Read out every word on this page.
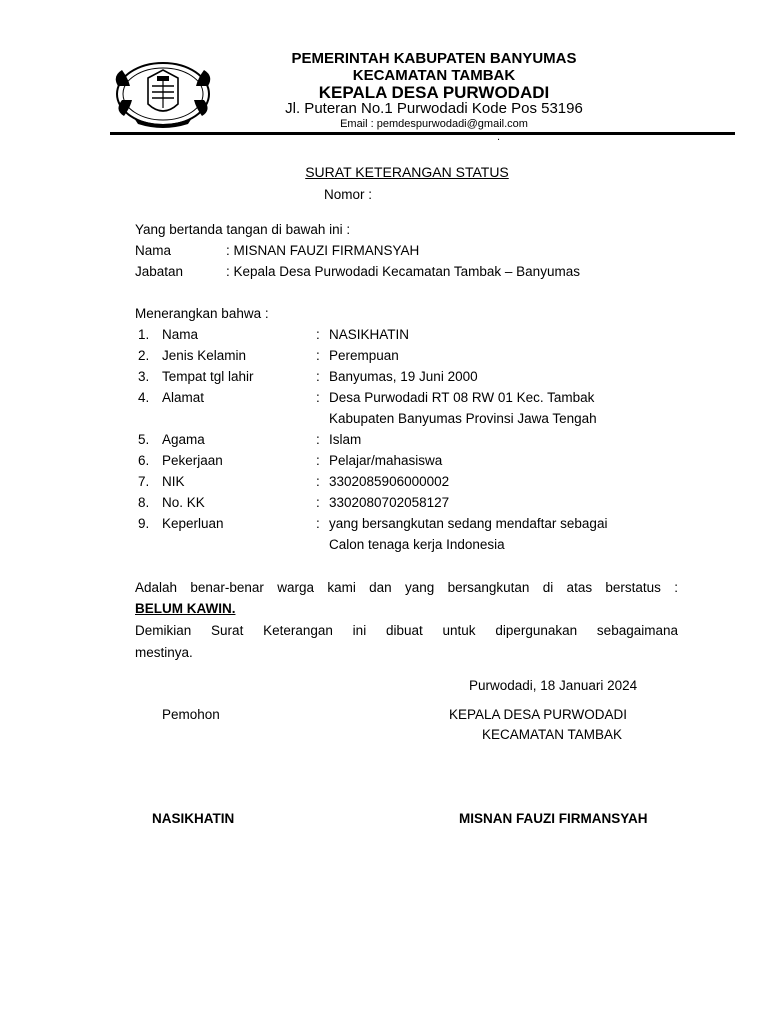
PEMERINTAH KABUPATEN BANYUMAS
KECAMATAN TAMBAK
KEPALA DESA PURWODADI
Jl. Puteran No.1 Purwodadi Kode Pos 53196
Email : pemdespurwodadi@gmail.com
.
SURAT KETERANGAN STATUS
Nomor :
Yang bertanda tangan di bawah ini :
Nama	: MISNAN FAUZI FIRMANSYAH
Jabatan	: Kepala Desa Purwodadi Kecamatan Tambak – Banyumas
Menerangkan bahwa :
1. Nama	: NASIKHATIN
2. Jenis Kelamin	: Perempuan
3. Tempat tgl lahir	: Banyumas, 19 Juni 2000
4. Alamat	: Desa Purwodadi RT 08 RW 01 Kec. Tambak
Kabupaten Banyumas Provinsi Jawa Tengah
5. Agama	: Islam
6. Pekerjaan	: Pelajar/mahasiswa
7. NIK	: 3302085906000002
8. No. KK	: 3302080702058127
9. Keperluan	: yang bersangkutan sedang mendaftar sebagai
Calon tenaga kerja Indonesia
Adalah benar-benar warga kami dan yang bersangkutan di atas berstatus :
BELUM KAWIN.
Demikian Surat Keterangan ini dibuat untuk dipergunakan sebagaimana
mestinya.
Purwodadi, 18 Januari 2024
Pemohon	KEPALA DESA PURWODADI
KECAMATAN TAMBAK
NASIKHATIN	MISNAN FAUZI FIRMANSYAH
